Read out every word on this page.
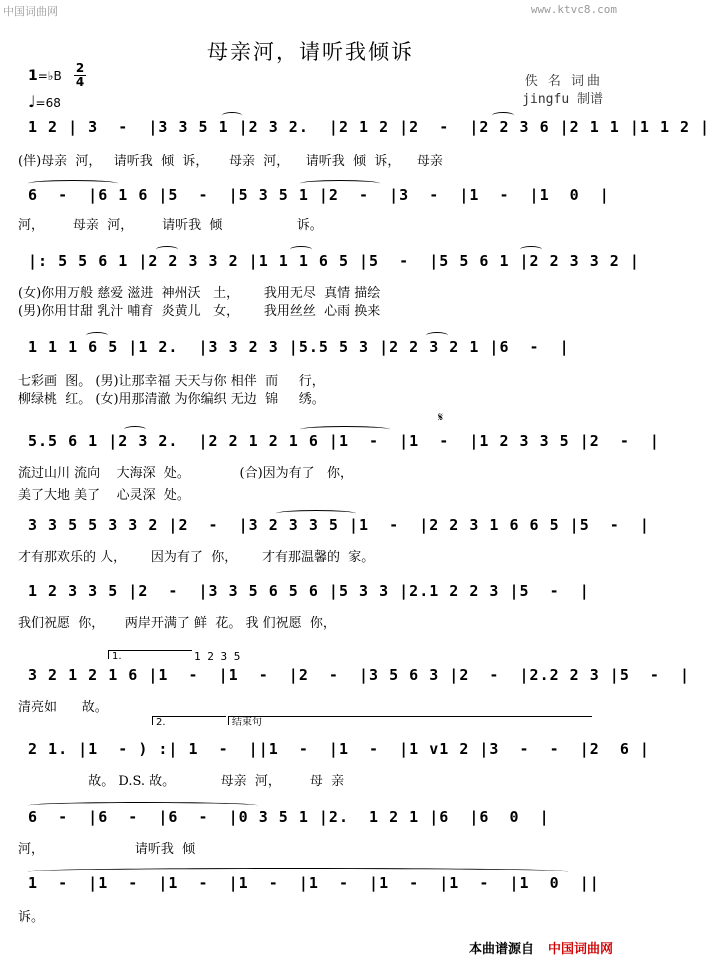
中国词曲网	www.ktvc8.com
母亲河，请听我倾诉
1=♭B
2
4
♩=68
佚 名 词曲
jingfu 制谱
1 2 | 3  -  |3 3 5 1 |2 3 2.  |2 1 2 |2  -  |2 2 3 6 |2 1 1 |1 1 2 |
(伴)母亲  河，   请听我  倾  诉，     母亲  河，    请听我  倾  诉，    母亲
6  -  |6 1 6 |5  -  |5 3 5 1 |2  -  |3  -  |1  -  |1  0  |
河，       母亲  河，       请听我  倾                  诉。
|: 5 5 6 1 |2 2 3 3 2 |1 1 1 6 5 |5  -  |5 5 6 1 |2 2 3 3 2 |
(女)你用万般 慈爱 滋进  神州沃   土，      我用无尽  真情 描绘
(男)你用甘甜 乳汁 哺育  炎黄儿   女，      我用丝丝  心雨 换来
1 1 1 6 5 |1 2.  |3 3 2 3 |5.5 5 3 |2 2 3 2 1 |6  -  |
七彩画  图。 (男)让那幸福 天天与你 相伴  而     行，
柳绿桃  红。 (女)用那清澈 为你编织 无边  锦     绣。
5.5 6 1 |2 3 2.  |2 2 1 2 1 6 |1  -  |1  -  |1 2 3 3 5 |2  -  |
流过山川 流向    大海深  处。            (合)因为有了   你，
美了大地 美了    心灵深  处。
𝄋
3 3 5 5 3 3 2 |2  -  |3 2 3 3 5 |1  -  |2 2 3 1 6 6 5 |5  -  |
才有那欢乐的 人，      因为有了  你，      才有那温馨的  家。
1 2 3 3 5 |2  -  |3 3 5 6 5 6 |5 3 3 |2.1 2 2 3 |5  -  |
我们祝愿  你，     两岸开满了 鲜  花。 我 们祝愿  你，
1.	1 2 3 5
3 2 1 2 1 6 |1  -  |1  -  |2  -  |3 5 6 3 |2  -  |2.2 2 3 |5  -  |
清亮如      故。
2.	结束句
2 1. |1  - ) :| 1  -  ||1  -  |1  -  |1 v1 2 |3  -  -  |2  6 |
故。 D.S. 故。           母亲  河，       母  亲
6  -  |6  -  |6  -  |0 3 5 1 |2.  1 2 1 |6  |6  0  |
河，                      请听我  倾
1  -  |1  -  |1  -  |1  -  |1  -  |1  -  |1  -  |1  0  ||
诉。
本曲谱源自 中国词曲网
